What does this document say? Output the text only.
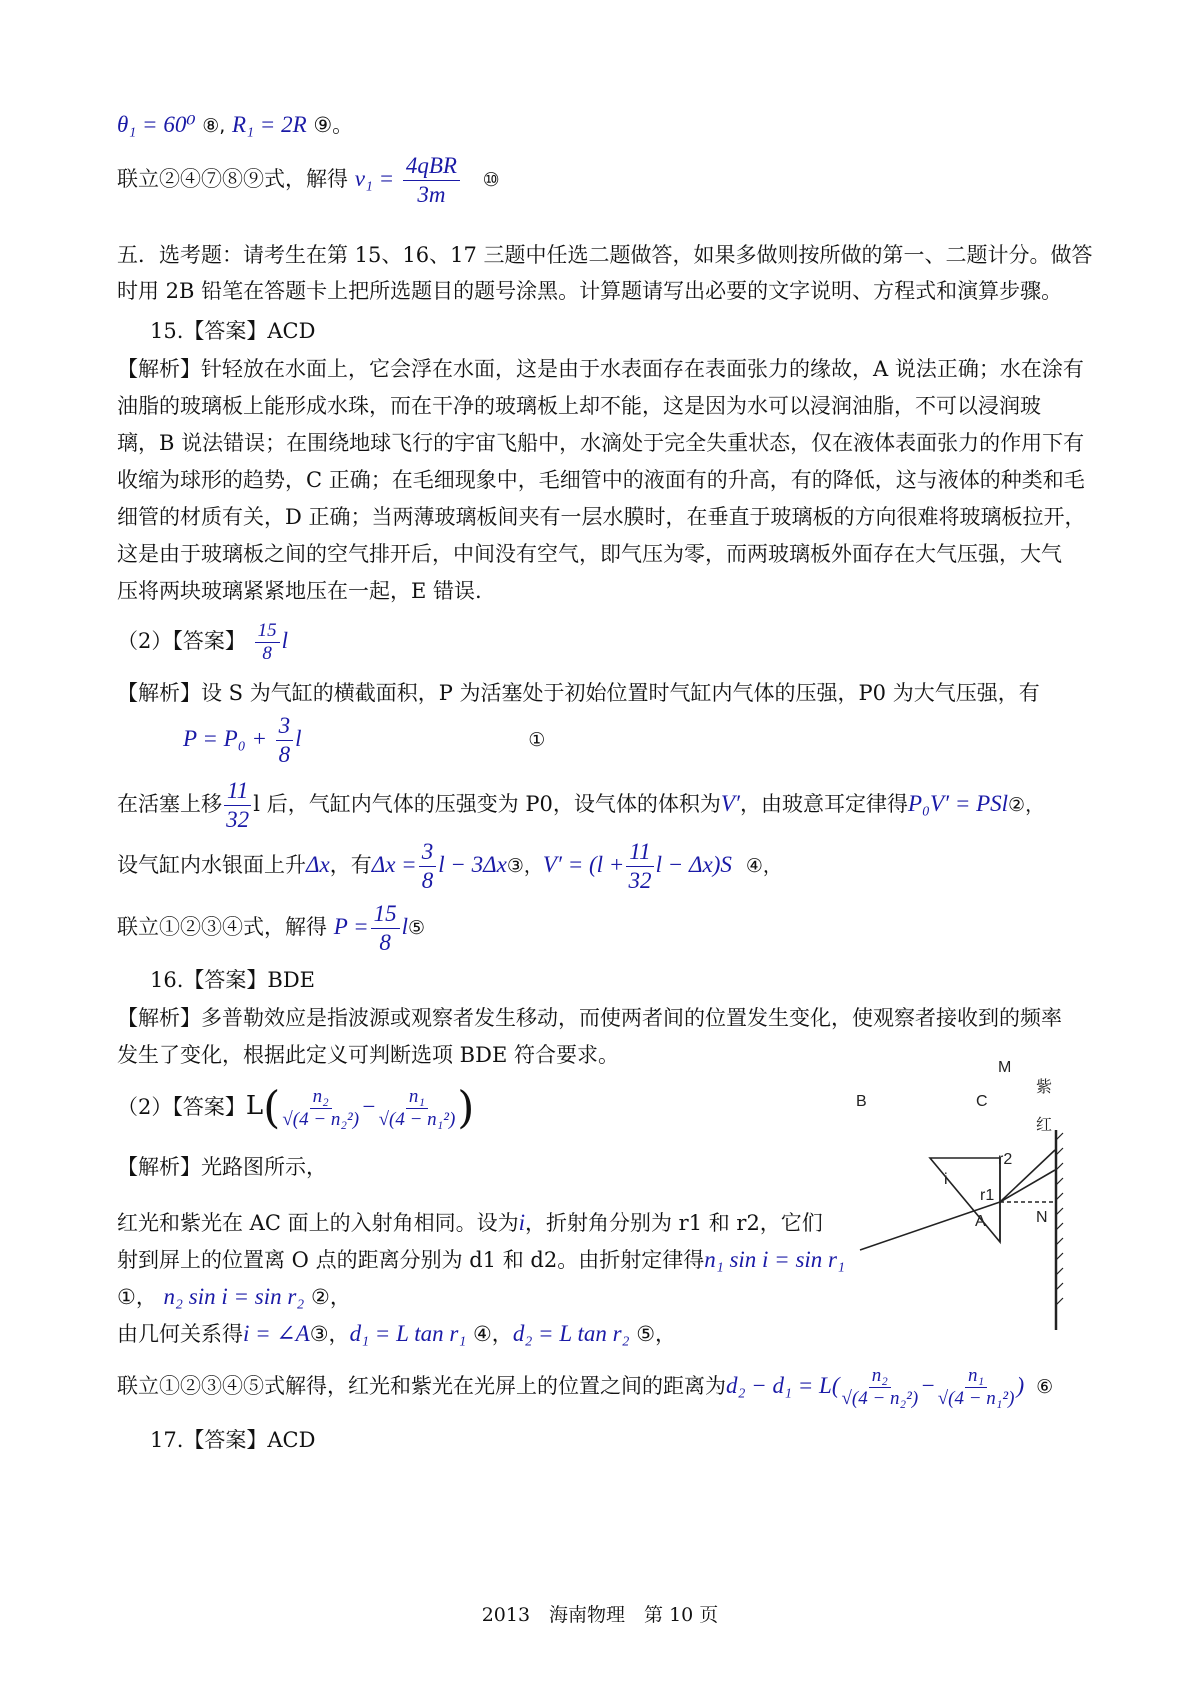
θ₁ = 60⁰ ⑧, R₁ = 2R ⑨。
联立②④⑦⑧⑨式，解得 $v_1 = \frac{\text{4qBR}}{3m}$ ⑩
五．选考题：请考生在第 15、16、17 三题中任选二题做答，如果多做则按所做的第一、二题计分。做答
时用 2B 铅笔在答题卡上把所选题目的题号涂黑。计算题请写出必要的文字说明、方程式和演算步骤。
15.【答案】ACD
【解析】针轻放在水面上，它会浮在水面，这是由于水表面存在表面张力的缘故，A 说法正确；水在涂有
油脂的玻璃板上能形成水珠，而在干净的玻璃板上却不能，这是因为水可以浸润油脂，不可以浸润玻
璃，B 说法错误；在围绕地球飞行的宇宙飞船中，水滴处于完全失重状态，仅在液体表面张力的作用下有
收缩为球形的趋势，C 正确；在毛细现象中，毛细管中的液面有的升高，有的降低，这与液体的种类和毛
细管的材质有关，D 正确；当两薄玻璃板间夹有一层水膜时，在垂直于玻璃板的方向很难将玻璃板拉开，
这是由于玻璃板之间的空气排开后，中间没有空气，即气压为零，而两玻璃板外面存在大气压强，大气
压将两块玻璃紧紧地压在一起，E 错误.
（2）【答案】 $\frac{15}{8}$ l
【解析】设 S 为气缸的横截面积，P 为活塞处于初始位置时气缸内气体的压强，P0 为大气压强，有
$P = P_0 + \frac{3}{8}$ l	①
在活塞上移 $\frac{11}{32}$ l 后，气缸内气体的压强变为 P0，设气体的体积为V′，由玻意耳定律得P₀V′ = PSl②，
设气缸内水银面上升Δx，有$\Delta x = \frac{3}{8}$ l − 3Δx③，$V' = (l + \frac{11}{32}$ l − Δx)S ④，
联立①②③④式，解得 $P = \frac{15}{8}$ l⑤
16.【答案】BDE
【解析】多普勒效应是指波源或观察者发生移动，而使两者间的位置发生变化，使观察者接收到的频率
发生了变化，根据此定义可判断选项 BDE 符合要求。
（2）【答案】$L( \frac{\text{n₂}}{\text{√(4 − n₂²)}} - \frac{\text{n₁}}{\text{√(4 − n₁²)}}$ )
【解析】光路图所示，
红光和紫光在 AC 面上的入射角相同。设为i，折射角分别为 r1 和 r2，它们
射到屏上的位置离 O 点的距离分别为 d1 和 d2。由折射定律得n₁ sin i = sin r₁
①， n₂ sin i = sin r₂ ②，
由几何关系得i = ∠A③，d₁ = L tan r₁ ④，d₂ = L tan r₂ ⑤，
联立①②③④⑤式解得，红光和紫光在光屏上的位置之间的距离为$d_2 - d_1 = L( \frac{\text{n₂}}{\text{√(4 − n₂²)}} - \frac{\text{n₁}}{\text{√(4 − n₁²)}}$ ) ⑥
17.【答案】ACD
B	C
M
N
A
i
r1
r2
紫
红
2013　海南物理　第 10 页
